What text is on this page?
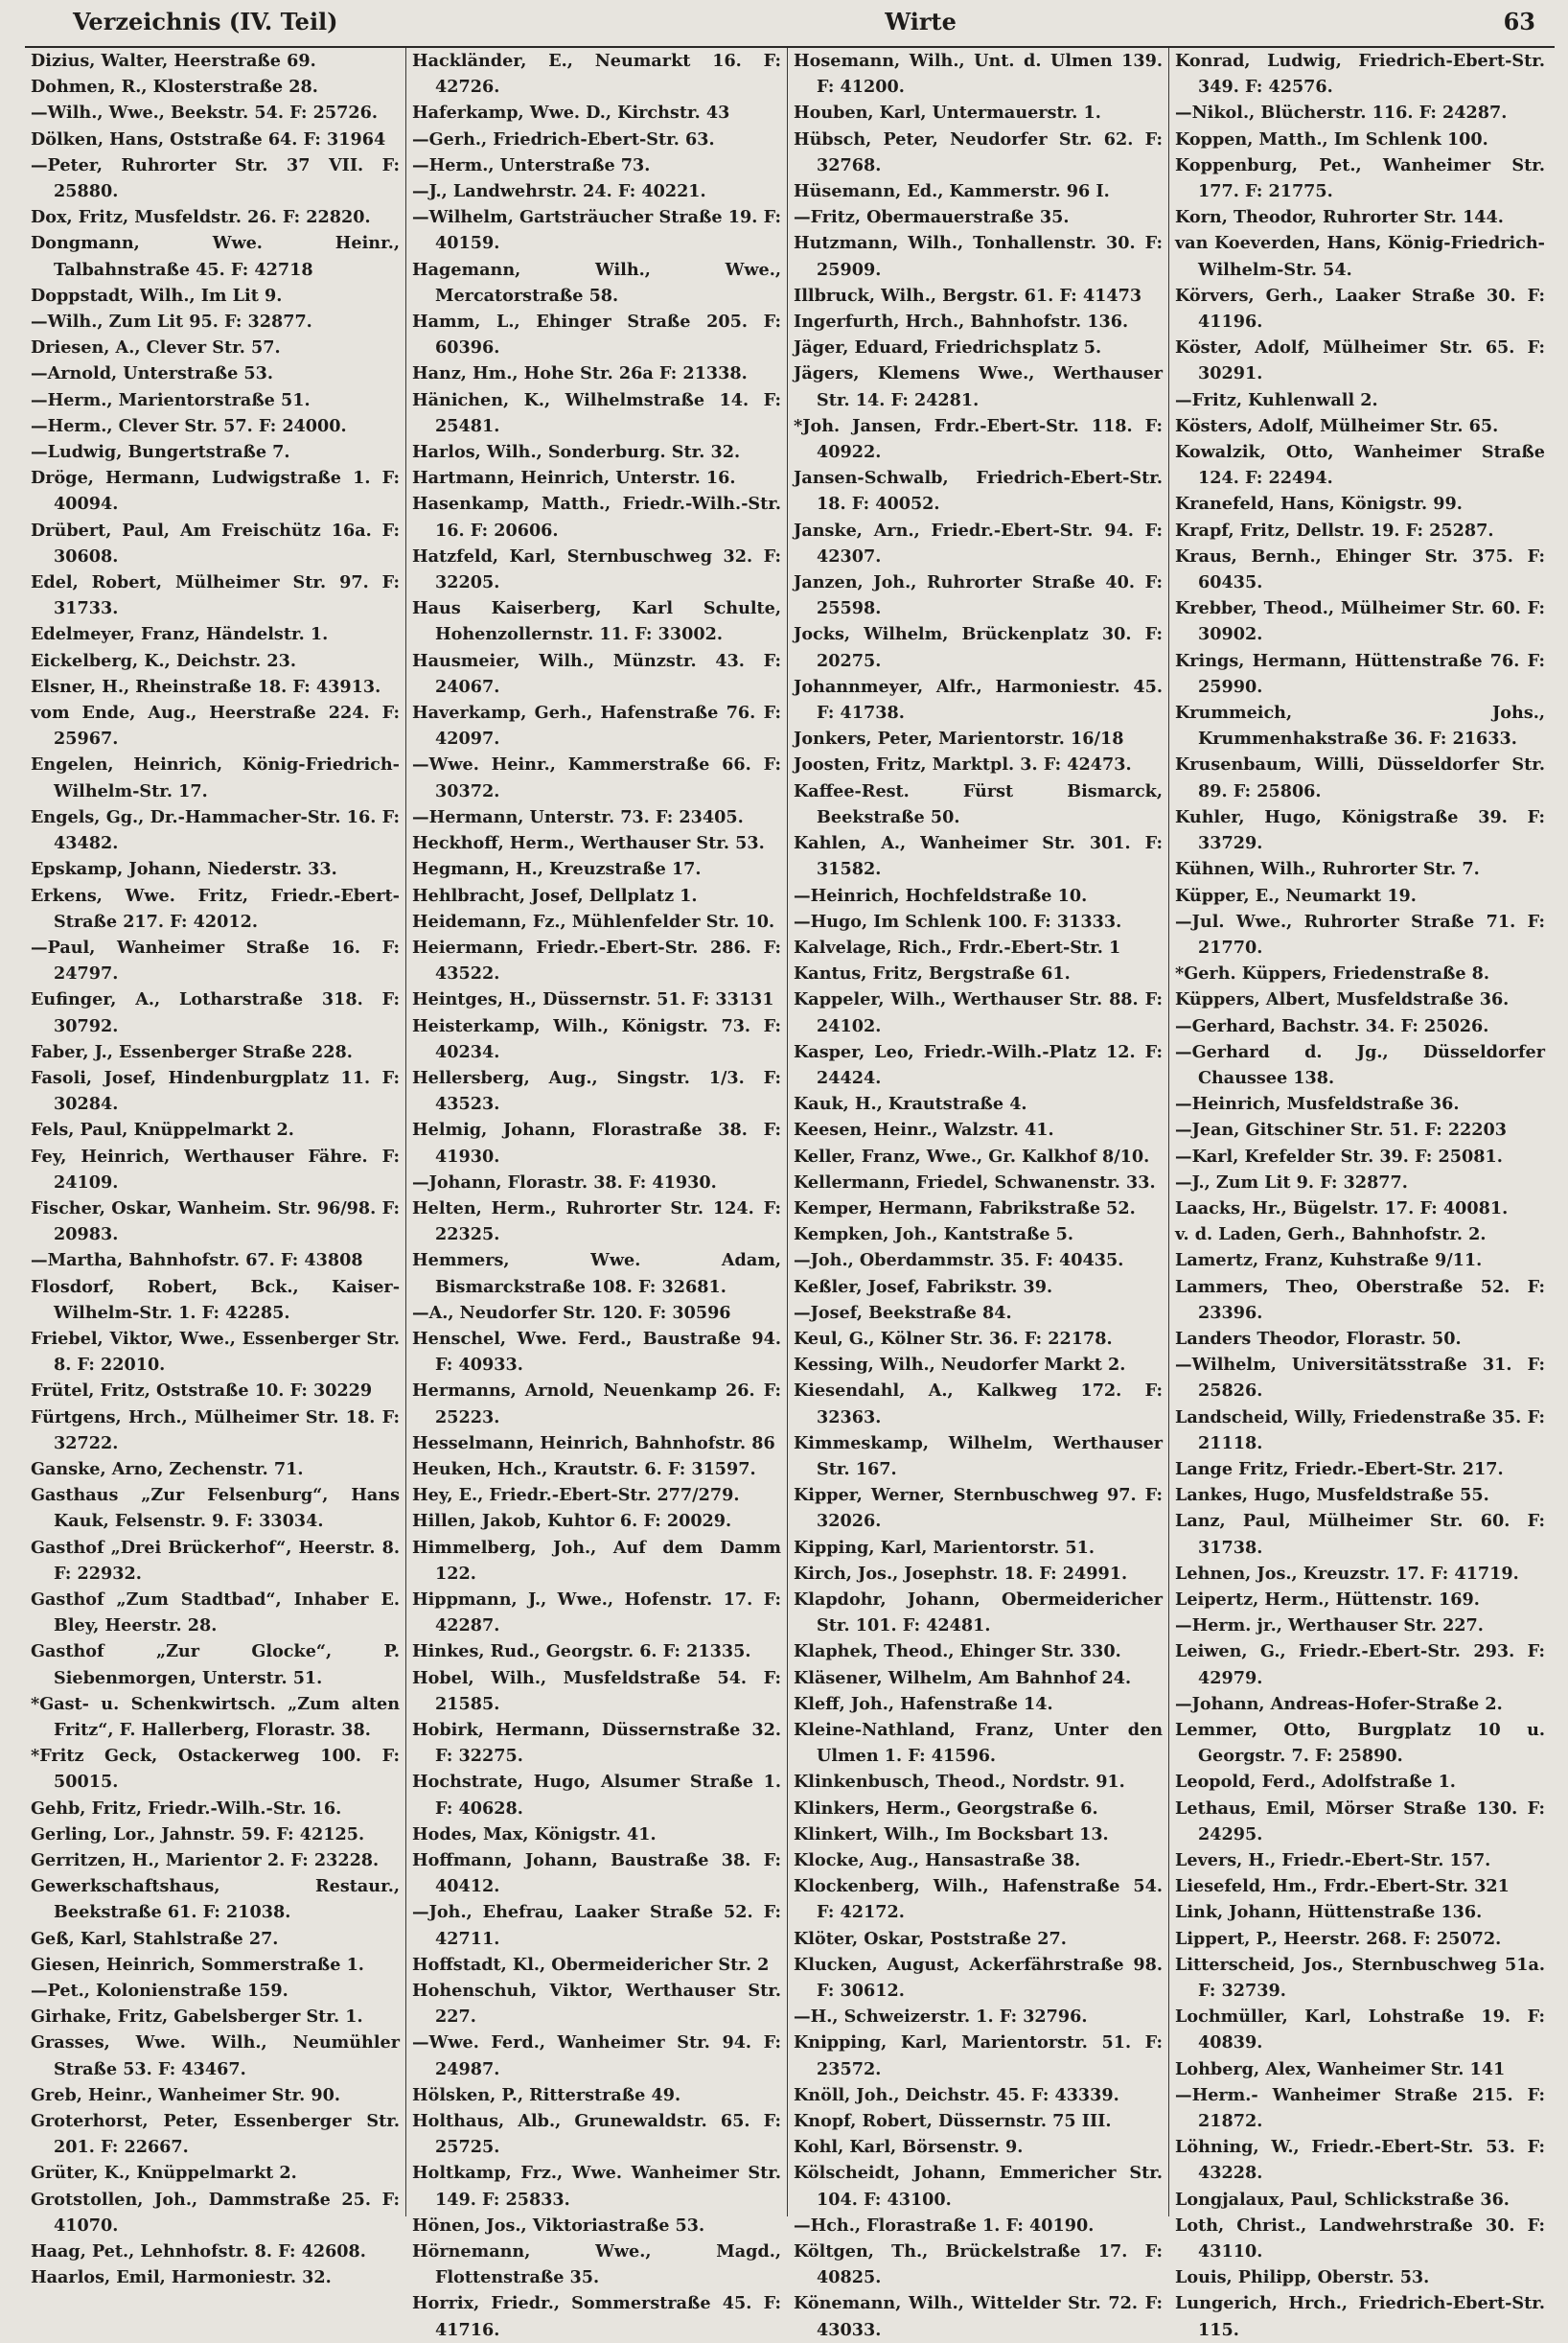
Verzeichnis (IV. Teil)	Wirte	63

Dizius, Walter, Heerstraße 69.

Dohmen, R., Klosterstraße 28.

—Wilh., Wwe., Beekstr. 54. F: 25726.

Dölken, Hans, Oststraße 64. F: 31964

—Peter, Ruhrorter Str. 37 VII. F: 25880.

Dox, Fritz, Musfeldstr. 26. F: 22820.

Dongmann, Wwe. Heinr., Talbahnstraße 45. F: 42718

Doppstadt, Wilh., Im Lit 9.

—Wilh., Zum Lit 95. F: 32877.

Driesen, A., Clever Str. 57.

—Arnold, Unterstraße 53.

—Herm., Marientorstraße 51.

—Herm., Clever Str. 57. F: 24000.

—Ludwig, Bungertstraße 7.

Dröge, Hermann, Ludwigstraße 1. F: 40094.

Drübert, Paul, Am Freischütz 16a. F: 30608.

Edel, Robert, Mülheimer Str. 97. F: 31733.

Edelmeyer, Franz, Händelstr. 1.

Eickelberg, K., Deichstr. 23.

Elsner, H., Rheinstraße 18. F: 43913.

vom Ende, Aug., Heerstraße 224. F: 25967.

Engelen, Heinrich, König-Friedrich-Wilhelm-Str. 17.

Engels, Gg., Dr.-Hammacher-Str. 16. F: 43482.

Epskamp, Johann, Niederstr. 33.

Erkens, Wwe. Fritz, Friedr.-Ebert-Straße 217. F: 42012.

—Paul, Wanheimer Straße 16. F: 24797.

Eufinger, A., Lotharstraße 318. F: 30792.

Faber, J., Essenberger Straße 228.

Fasoli, Josef, Hindenburgplatz 11. F: 30284.

Fels, Paul, Knüppelmarkt 2.

Fey, Heinrich, Werthauser Fähre. F: 24109.

Fischer, Oskar, Wanheim. Str. 96/98. F: 20983.

—Martha, Bahnhofstr. 67. F: 43808

Flosdorf, Robert, Bck., Kaiser-Wilhelm-Str. 1. F: 42285.

Friebel, Viktor, Wwe., Essenberger Str. 8. F: 22010.

Frütel, Fritz, Oststraße 10. F: 30229

Fürtgens, Hrch., Mülheimer Str. 18. F: 32722.

Ganske, Arno, Zechenstr. 71.

Gasthaus „Zur Felsenburg“, Hans Kauk, Felsenstr. 9. F: 33034.

Gasthof „Drei Brückerhof“, Heerstr. 8. F: 22932.

Gasthof „Zum Stadtbad“, Inhaber E. Bley, Heerstr. 28.

Gasthof „Zur Glocke“, P. Siebenmorgen, Unterstr. 51.

*Gast- u. Schenkwirtsch. „Zum alten Fritz“, F. Hallerberg, Florastr. 38.

*Fritz Geck, Ostackerweg 100. F: 50015.

Gehb, Fritz, Friedr.-Wilh.-Str. 16.

Gerling, Lor., Jahnstr. 59. F: 42125.

Gerritzen, H., Marientor 2. F: 23228.

Gewerkschaftshaus, Restaur., Beekstraße 61. F: 21038.

Geß, Karl, Stahlstraße 27.

Giesen, Heinrich, Sommerstraße 1.

—Pet., Kolonienstraße 159.

Girhake, Fritz, Gabelsberger Str. 1.

Grasses, Wwe. Wilh., Neumühler Straße 53. F: 43467.

Greb, Heinr., Wanheimer Str. 90.

Groterhorst, Peter, Essenberger Str. 201. F: 22667.

Grüter, K., Knüppelmarkt 2.

Grotstollen, Joh., Dammstraße 25. F: 41070.

Haag, Pet., Lehnhofstr. 8. F: 42608.

Haarlos, Emil, Harmoniestr. 32.

Hackländer, E., Neumarkt 16. F: 42726.

Haferkamp, Wwe. D., Kirchstr. 43

—Gerh., Friedrich-Ebert-Str. 63.

—Herm., Unterstraße 73.

—J., Landwehrstr. 24. F: 40221.

—Wilhelm, Gartsträucher Straße 19. F: 40159.

Hagemann, Wilh., Wwe., Mercatorstraße 58.

Hamm, L., Ehinger Straße 205. F: 60396.

Hanz, Hm., Hohe Str. 26a F: 21338.

Hänichen, K., Wilhelmstraße 14. F: 25481.

Harlos, Wilh., Sonderburg. Str. 32.

Hartmann, Heinrich, Unterstr. 16.

Hasenkamp, Matth., Friedr.-Wilh.-Str. 16. F: 20606.

Hatzfeld, Karl, Sternbuschweg 32. F: 32205.

Haus Kaiserberg, Karl Schulte, Hohenzollernstr. 11. F: 33002.

Hausmeier, Wilh., Münzstr. 43. F: 24067.

Haverkamp, Gerh., Hafenstraße 76. F: 42097.

—Wwe. Heinr., Kammerstraße 66. F: 30372.

—Hermann, Unterstr. 73. F: 23405.

Heckhoff, Herm., Werthauser Str. 53.

Hegmann, H., Kreuzstraße 17.

Hehlbracht, Josef, Dellplatz 1.

Heidemann, Fz., Mühlenfelder Str. 10.

Heiermann, Friedr.-Ebert-Str. 286. F: 43522.

Heintges, H., Düssernstr. 51. F: 33131

Heisterkamp, Wilh., Königstr. 73. F: 40234.

Hellersberg, Aug., Singstr. 1/3. F: 43523.

Helmig, Johann, Florastraße 38. F: 41930.

—Johann, Florastr. 38. F: 41930.

Helten, Herm., Ruhrorter Str. 124. F: 22325.

Hemmers, Wwe. Adam, Bismarckstraße 108. F: 32681.

—A., Neudorfer Str. 120. F: 30596

Henschel, Wwe. Ferd., Baustraße 94. F: 40933.

Hermanns, Arnold, Neuenkamp 26. F: 25223.

Hesselmann, Heinrich, Bahnhofstr. 86

Heuken, Hch., Krautstr. 6. F: 31597.

Hey, E., Friedr.-Ebert-Str. 277/279.

Hillen, Jakob, Kuhtor 6. F: 20029.

Himmelberg, Joh., Auf dem Damm 122.

Hippmann, J., Wwe., Hofenstr. 17. F: 42287.

Hinkes, Rud., Georgstr. 6. F: 21335.

Hobel, Wilh., Musfeldstraße 54. F: 21585.

Hobirk, Hermann, Düssernstraße 32. F: 32275.

Hochstrate, Hugo, Alsumer Straße 1. F: 40628.

Hodes, Max, Königstr. 41.

Hoffmann, Johann, Baustraße 38. F: 40412.

—Joh., Ehefrau, Laaker Straße 52. F: 42711.

Hoffstadt, Kl., Obermeidericher Str. 2

Hohenschuh, Viktor, Werthauser Str. 227.

—Wwe. Ferd., Wanheimer Str. 94. F: 24987.

Hölsken, P., Ritterstraße 49.

Holthaus, Alb., Grunewaldstr. 65. F: 25725.

Holtkamp, Frz., Wwe. Wanheimer Str. 149. F: 25833.

Hönen, Jos., Viktoriastraße 53.

Hörnemann, Wwe., Magd., Flottenstraße 35.

Horrix, Friedr., Sommerstraße 45. F: 41716.

Hosemann, Wilh., Unt. d. Ulmen 139. F: 41200.

Houben, Karl, Untermauerstr. 1.

Hübsch, Peter, Neudorfer Str. 62. F: 32768.

Hüsemann, Ed., Kammerstr. 96 I.

—Fritz, Obermauerstraße 35.

Hutzmann, Wilh., Tonhallenstr. 30. F: 25909.

Illbruck, Wilh., Bergstr. 61. F: 41473

Ingerfurth, Hrch., Bahnhofstr. 136.

Jäger, Eduard, Friedrichsplatz 5.

Jägers, Klemens Wwe., Werthauser Str. 14. F: 24281.

*Joh. Jansen, Frdr.-Ebert-Str. 118. F: 40922.

Jansen-Schwalb, Friedrich-Ebert-Str. 18. F: 40052.

Janske, Arn., Friedr.-Ebert-Str. 94. F: 42307.

Janzen, Joh., Ruhrorter Straße 40. F: 25598.

Jocks, Wilhelm, Brückenplatz 30. F: 20275.

Johannmeyer, Alfr., Harmoniestr. 45. F: 41738.

Jonkers, Peter, Marientorstr. 16/18

Joosten, Fritz, Marktpl. 3. F: 42473.

Kaffee-Rest. Fürst Bismarck, Beekstraße 50.

Kahlen, A., Wanheimer Str. 301. F: 31582.

—Heinrich, Hochfeldstraße 10.

—Hugo, Im Schlenk 100. F: 31333.

Kalvelage, Rich., Frdr.-Ebert-Str. 1

Kantus, Fritz, Bergstraße 61.

Kappeler, Wilh., Werthauser Str. 88. F: 24102.

Kasper, Leo, Friedr.-Wilh.-Platz 12. F: 24424.

Kauk, H., Krautstraße 4.

Keesen, Heinr., Walzstr. 41.

Keller, Franz, Wwe., Gr. Kalkhof 8/10.

Kellermann, Friedel, Schwanenstr. 33.

Kemper, Hermann, Fabrikstraße 52.

Kempken, Joh., Kantstraße 5.

—Joh., Oberdammstr. 35. F: 40435.

Keßler, Josef, Fabrikstr. 39.

—Josef, Beekstraße 84.

Keul, G., Kölner Str. 36. F: 22178.

Kessing, Wilh., Neudorfer Markt 2.

Kiesendahl, A., Kalkweg 172. F: 32363.

Kimmeskamp, Wilhelm, Werthauser Str. 167.

Kipper, Werner, Sternbuschweg 97. F: 32026.

Kipping, Karl, Marientorstr. 51.

Kirch, Jos., Josephstr. 18. F: 24991.

Klapdohr, Johann, Obermeidericher Str. 101. F: 42481.

Klaphek, Theod., Ehinger Str. 330.

Kläsener, Wilhelm, Am Bahnhof 24.

Kleff, Joh., Hafenstraße 14.

Kleine-Nathland, Franz, Unter den Ulmen 1. F: 41596.

Klinkenbusch, Theod., Nordstr. 91.

Klinkers, Herm., Georgstraße 6.

Klinkert, Wilh., Im Bocksbart 13.

Klocke, Aug., Hansastraße 38.

Klockenberg, Wilh., Hafenstraße 54. F: 42172.

Klöter, Oskar, Poststraße 27.

Klucken, August, Ackerfährstraße 98. F: 30612.

—H., Schweizerstr. 1. F: 32796.

Knipping, Karl, Marientorstr. 51. F: 23572.

Knöll, Joh., Deichstr. 45. F: 43339.

Knopf, Robert, Düssernstr. 75 III.

Kohl, Karl, Börsenstr. 9.

Kölscheidt, Johann, Emmericher Str. 104. F: 43100.

—Hch., Florastraße 1. F: 40190.

Költgen, Th., Brückelstraße 17. F: 40825.

Könemann, Wilh., Wittelder Str. 72. F: 43033.

Konrad, Ludwig, Friedrich-Ebert-Str. 349. F: 42576.

—Nikol., Blücherstr. 116. F: 24287.

Koppen, Matth., Im Schlenk 100.

Koppenburg, Pet., Wanheimer Str. 177. F: 21775.

Korn, Theodor, Ruhrorter Str. 144.

van Koeverden, Hans, König-Friedrich-Wilhelm-Str. 54.

Körvers, Gerh., Laaker Straße 30. F: 41196.

Köster, Adolf, Mülheimer Str. 65. F: 30291.

—Fritz, Kuhlenwall 2.

Kösters, Adolf, Mülheimer Str. 65.

Kowalzik, Otto, Wanheimer Straße 124. F: 22494.

Kranefeld, Hans, Königstr. 99.

Krapf, Fritz, Dellstr. 19. F: 25287.

Kraus, Bernh., Ehinger Str. 375. F: 60435.

Krebber, Theod., Mülheimer Str. 60. F: 30902.

Krings, Hermann, Hüttenstraße 76. F: 25990.

Krummeich, Johs., Krummenhakstraße 36. F: 21633.

Krusenbaum, Willi, Düsseldorfer Str. 89. F: 25806.

Kuhler, Hugo, Königstraße 39. F: 33729.

Kühnen, Wilh., Ruhrorter Str. 7.

Küpper, E., Neumarkt 19.

—Jul. Wwe., Ruhrorter Straße 71. F: 21770.

*Gerh. Küppers, Friedenstraße 8.

Küppers, Albert, Musfeldstraße 36.

—Gerhard, Bachstr. 34. F: 25026.

—Gerhard d. Jg., Düsseldorfer Chaussee 138.

—Heinrich, Musfeldstraße 36.

—Jean, Gitschiner Str. 51. F: 22203

—Karl, Krefelder Str. 39. F: 25081.

—J., Zum Lit 9. F: 32877.

Laacks, Hr., Bügelstr. 17. F: 40081.

v. d. Laden, Gerh., Bahnhofstr. 2.

Lamertz, Franz, Kuhstraße 9/11.

Lammers, Theo, Oberstraße 52. F: 23396.

Landers Theodor, Florastr. 50.

—Wilhelm, Universitätsstraße 31. F: 25826.

Landscheid, Willy, Friedenstraße 35. F: 21118.

Lange Fritz, Friedr.-Ebert-Str. 217.

Lankes, Hugo, Musfeldstraße 55.

Lanz, Paul, Mülheimer Str. 60. F: 31738.

Lehnen, Jos., Kreuzstr. 17. F: 41719.

Leipertz, Herm., Hüttenstr. 169.

—Herm. jr., Werthauser Str. 227.

Leiwen, G., Friedr.-Ebert-Str. 293. F: 42979.

—Johann, Andreas-Hofer-Straße 2.

Lemmer, Otto, Burgplatz 10 u. Georgstr. 7. F: 25890.

Leopold, Ferd., Adolfstraße 1.

Lethaus, Emil, Mörser Straße 130. F: 24295.

Levers, H., Friedr.-Ebert-Str. 157.

Liesefeld, Hm., Frdr.-Ebert-Str. 321

Link, Johann, Hüttenstraße 136.

Lippert, P., Heerstr. 268. F: 25072.

Litterscheid, Jos., Sternbuschweg 51a. F: 32739.

Lochmüller, Karl, Lohstraße 19. F: 40839.

Lohberg, Alex, Wanheimer Str. 141

—Herm.- Wanheimer Straße 215. F: 21872.

Löhning, W., Friedr.-Ebert-Str. 53. F: 43228.

Longjalaux, Paul, Schlickstraße 36.

Loth, Christ., Landwehrstraße 30. F: 43110.

Louis, Philipp, Oberstr. 53.

Lungerich, Hrch., Friedrich-Ebert-Str. 115.
